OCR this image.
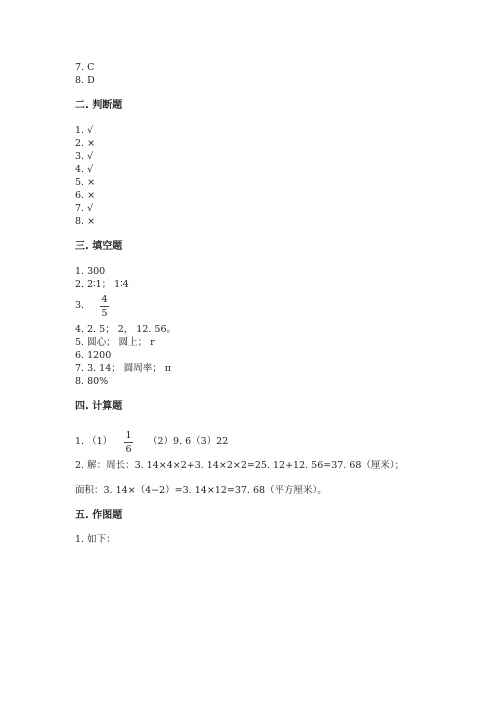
7. C
8. D
二. 判断题
1. √
2. ×
3. √
4. √
5. ×
6. ×
7. √
8. ×
三. 填空题
1. 300
2. 2∶1； 1∶4
3.
4
5
4. 2. 5； 2， 12. 56。
5. 圆心； 圆上； r
6. 1200
7. 3. 14； 圆周率； π
8. 80%
四. 计算题
1. （1）
1
6
（2）9. 6（3）22
2. 解：周长：3. 14×4×2+3. 14×2×2=25. 12+12. 56=37. 68（厘米）；
面积：3. 14×（4−2）=3. 14×12=37. 68（平方厘米）。
五. 作图题
1. 如下：
